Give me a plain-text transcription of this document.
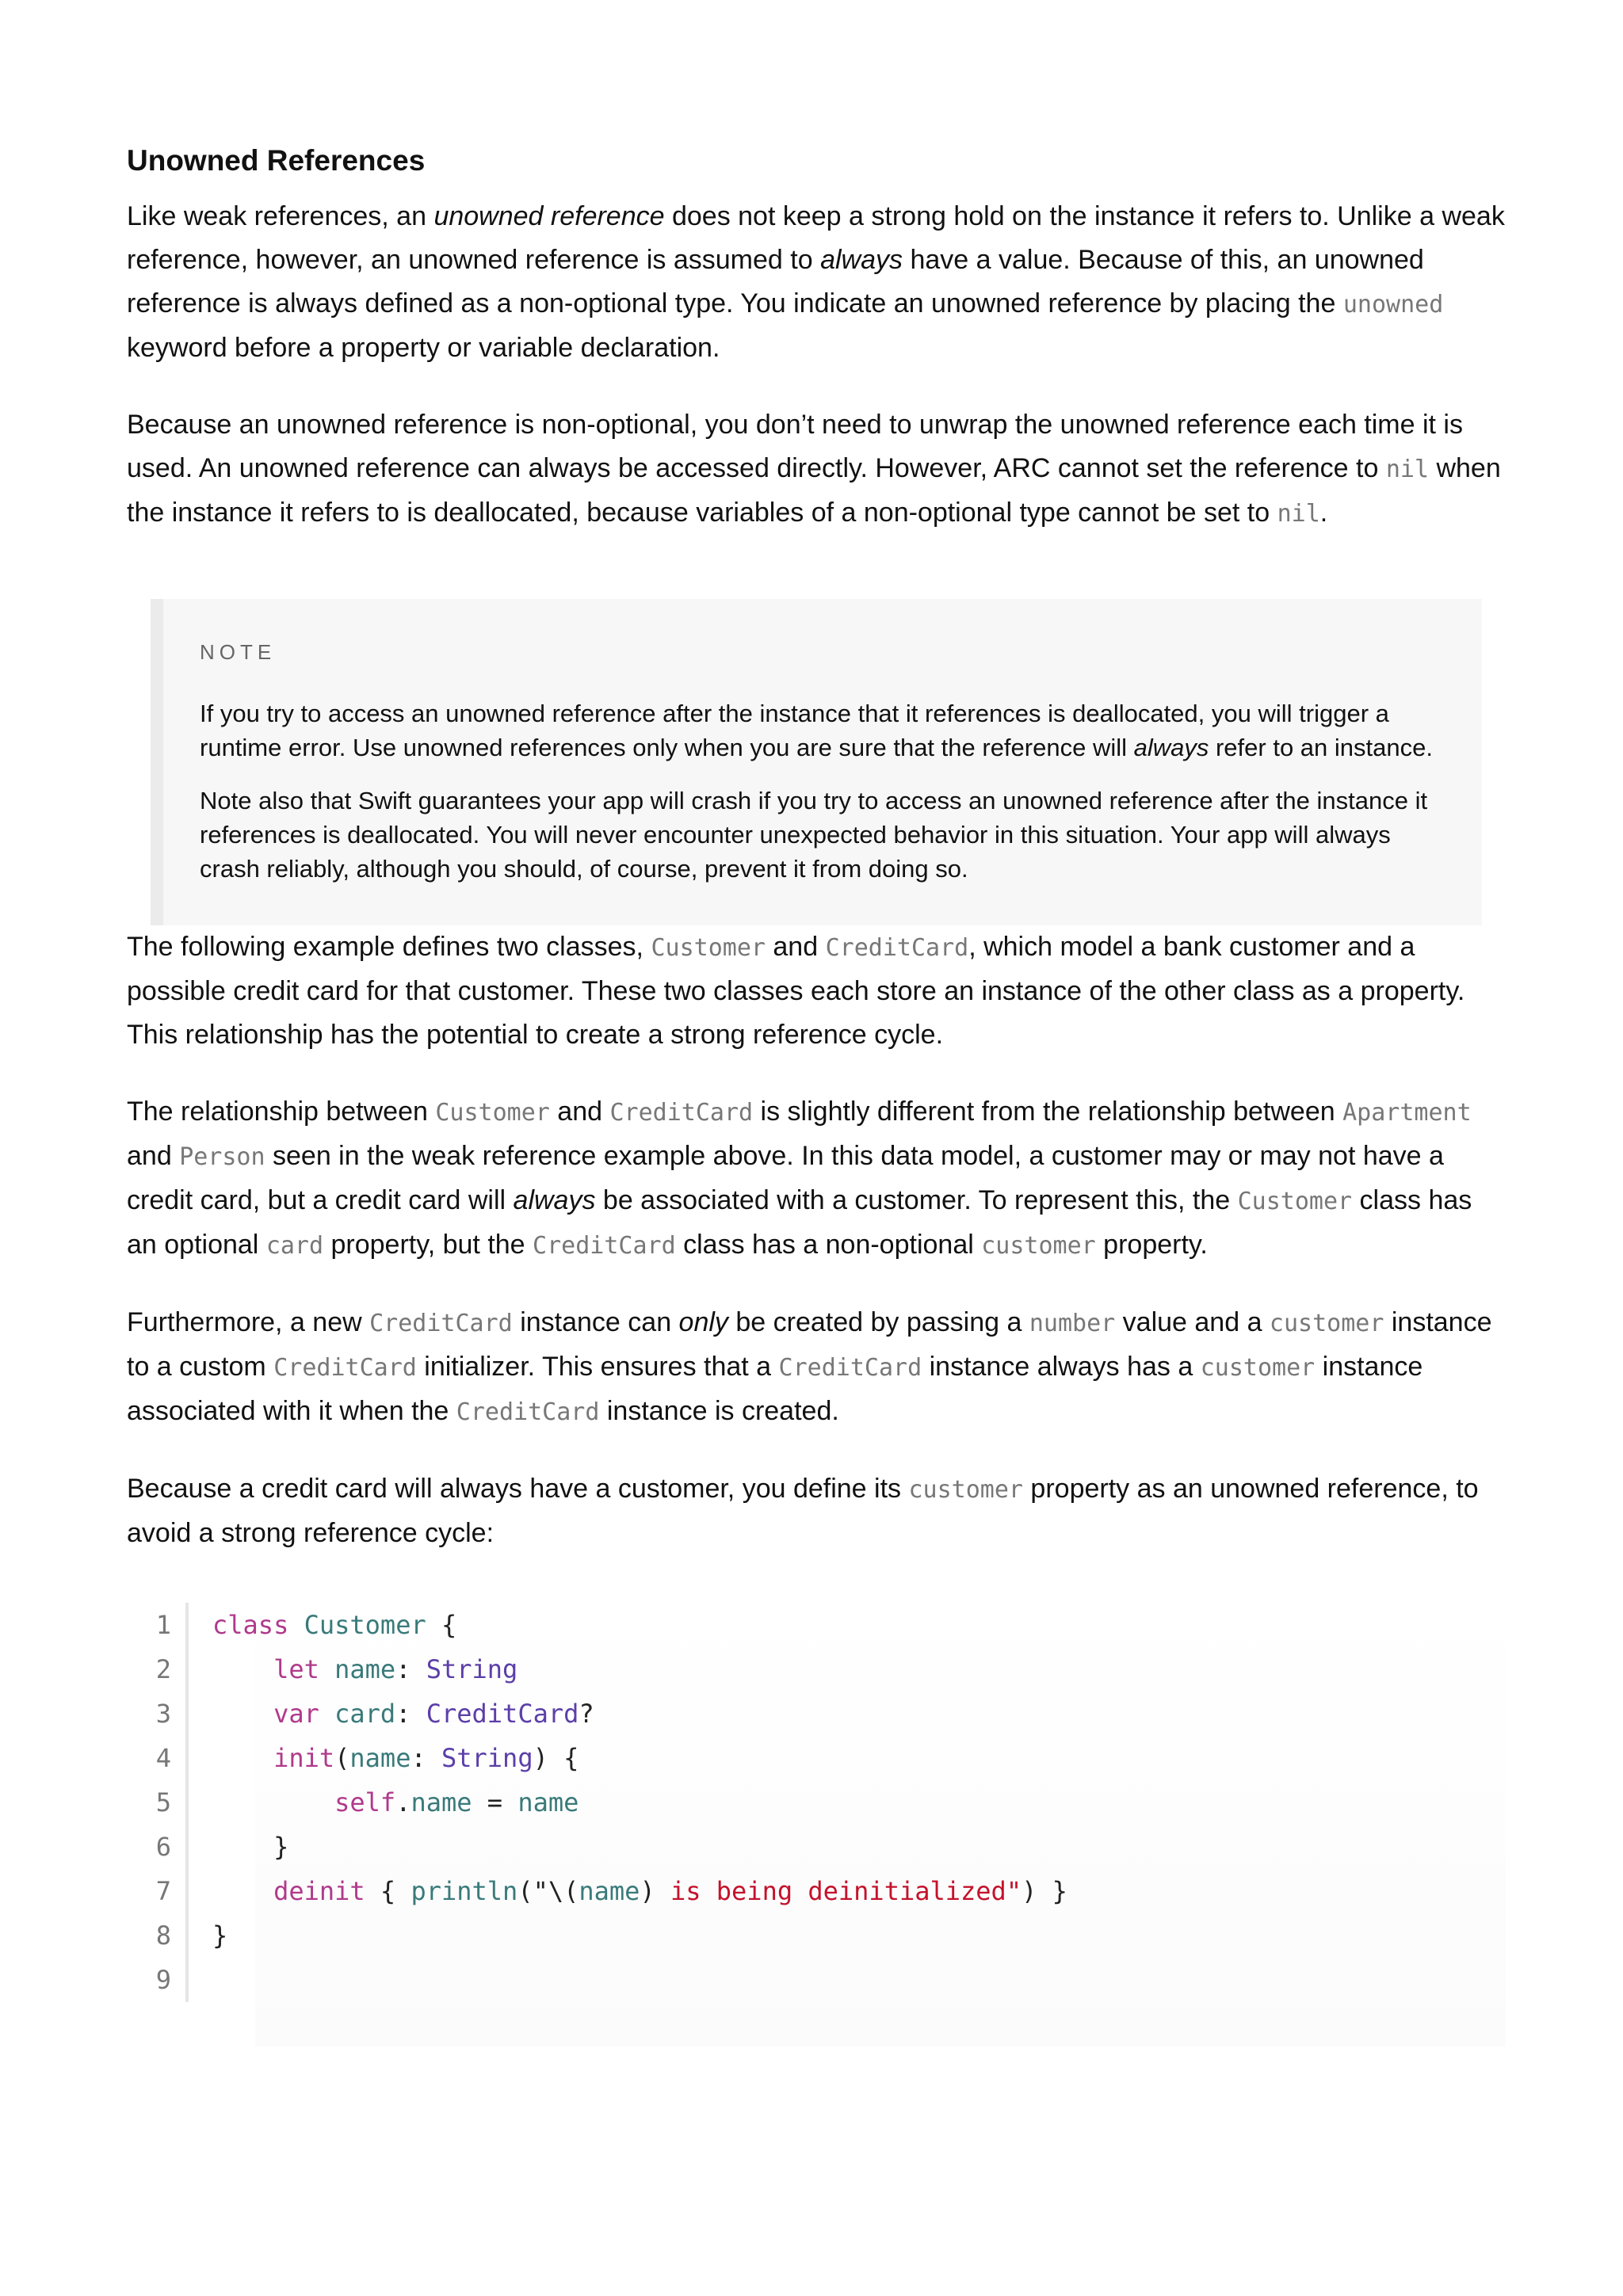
Unowned References

Like weak references, an unowned reference does not keep a strong hold on the instance it refers to. Unlike a weak reference, however, an unowned reference is assumed to always have a value. Because of this, an unowned reference is always defined as a non-optional type. You indicate an unowned reference by placing the unowned keyword before a property or variable declaration.

Because an unowned reference is non-optional, you don’t need to unwrap the unowned reference each time it is used. An unowned reference can always be accessed directly. However, ARC cannot set the reference to nil when the instance it refers to is deallocated, because variables of a non-optional type cannot be set to nil.

NOTE

If you try to access an unowned reference after the instance that it references is deallocated, you will trigger a runtime error. Use unowned references only when you are sure that the reference will always refer to an instance.

Note also that Swift guarantees your app will crash if you try to access an unowned reference after the instance it references is deallocated. You will never encounter unexpected behavior in this situation. Your app will always crash reliably, although you should, of course, prevent it from doing so.

The following example defines two classes, Customer and CreditCard, which model a bank customer and a possible credit card for that customer. These two classes each store an instance of the other class as a property. This relationship has the potential to create a strong reference cycle.

The relationship between Customer and CreditCard is slightly different from the relationship between Apartment and Person seen in the weak reference example above. In this data model, a customer may or may not have a credit card, but a credit card will always be associated with a customer. To represent this, the Customer class has an optional card property, but the CreditCard class has a non-optional customer property.

Furthermore, a new CreditCard instance can only be created by passing a number value and a customer instance to a custom CreditCard initializer. This ensures that a CreditCard instance always has a customer instance associated with it when the CreditCard instance is created.

Because a credit card will always have a customer, you define its customer property as an unowned reference, to avoid a strong reference cycle:

1 class Customer {
2	let name: String
3	var card: CreditCard?
4	init(name: String) {
5	self.name = name
6	}
7	deinit { println("\(name) is being deinitialized") }
8 }
9
